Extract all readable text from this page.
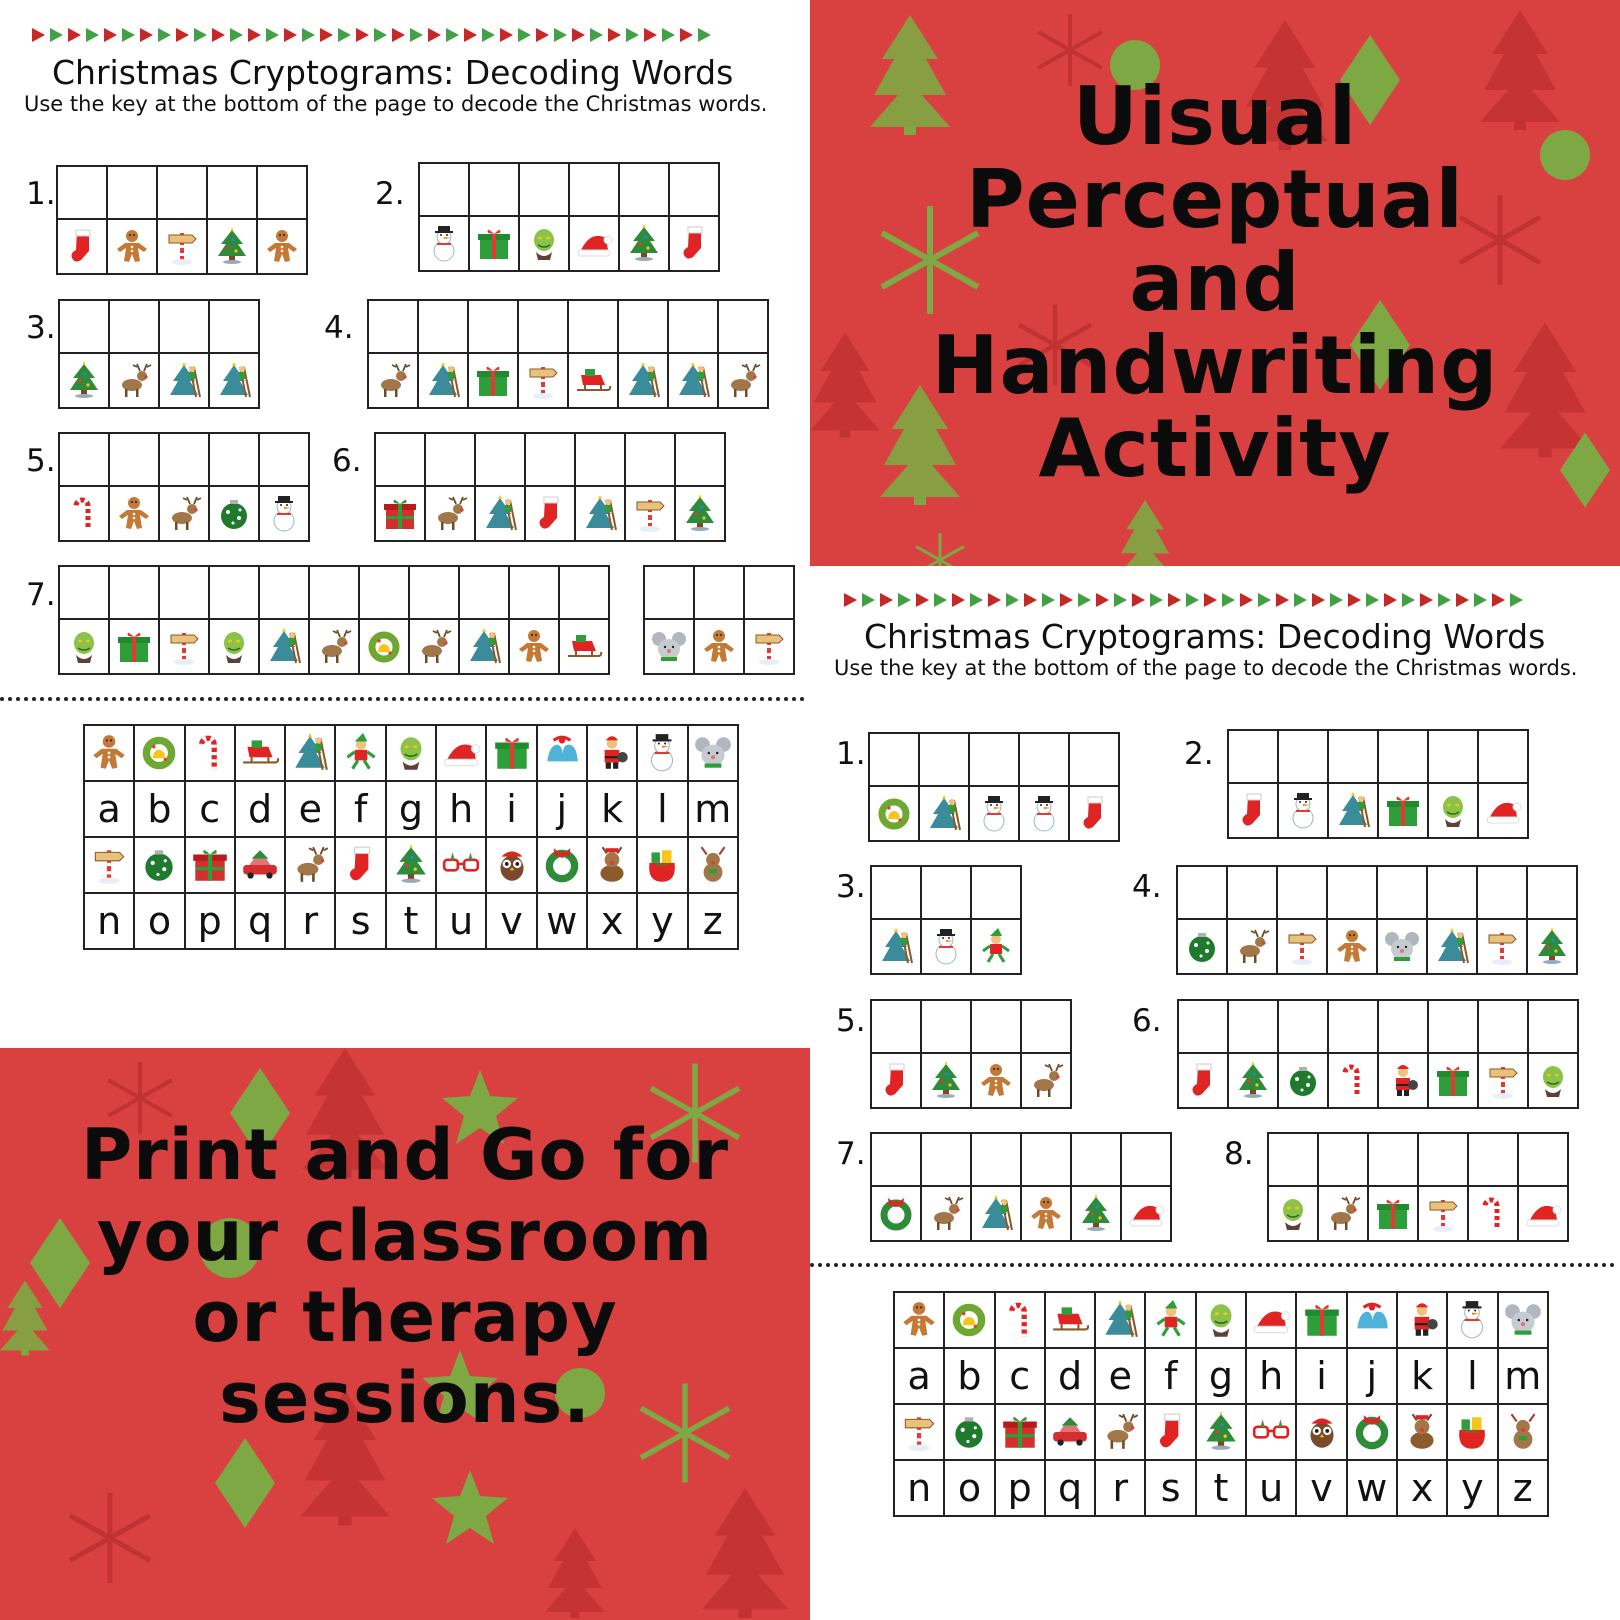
Christmas Cryptograms: Decoding Words
Use the key at the bottom of the page to decode the Christmas words.
1.	2.
3.	4.
5.	6.
7.
a b c d e f g h i j k l m
n o p q r s t u v w x y z
Uisual
Perceptual
and
Handwriting
Activity
Christmas Cryptograms: Decoding Words
Use the key at the bottom of the page to decode the Christmas words.
1.	2.
3.	4.
5.	6.
7.	8.
a b c d e f g h i j k l m
n o p q r s t u v w x y z
Print and Go for
your classroom
or therapy
sessions.
